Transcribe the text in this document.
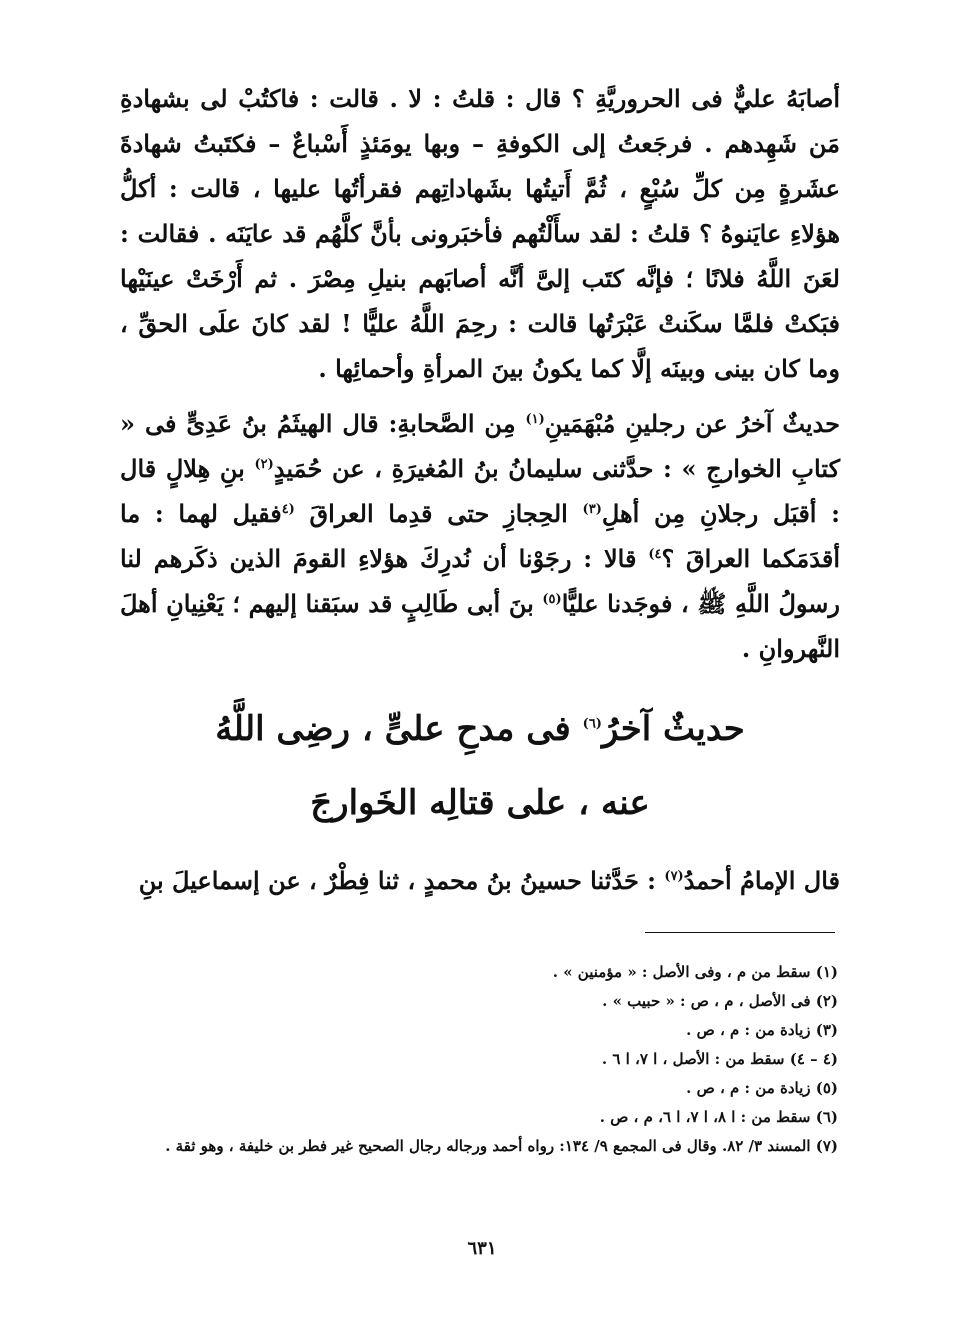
أصابَهُ عليٌّ فى الحروريَّةِ ؟ قال : قلتُ : لا . قالت : فاكتُبْ لى بشهادةِ مَن شَهِدهم . فرجَعتُ إلى الكوفةِ – وبها يومَئذٍ أَسْباعٌ – فكتَبتُ شهادةَ عشَرةٍ مِن كلِّ سُبْعٍ ، ثُمَّ أَتيتُها بشَهاداتِهم فقرأتُها عليها ، قالت : أكلُّ هؤلاءِ عايَنوهُ ؟ قلتُ : لقد سأَلْتُهم فأخبَرونى بأنَّ كلَّهُم قد عايَنَه . فقالت : لعَنَ اللَّهُ فلانًا ؛ فإنَّه كتَب إلىَّ أنَّه أصابَهم بنيلِ مِصْرَ . ثم أَرْخَتْ عينَيْها فبَكتْ فلمَّا سكَنتْ عَبْرَتُها قالت : رحِمَ اللَّهُ عليًّا ! لقد كانَ علَى الحقِّ ، وما كان بينى وبينَه إلَّا كما يكونُ بينَ المرأةِ وأحمائِها .

حديثٌ آخرُ عن رجلينِ مُبْهَمَينِ$^{(١)}$ مِن الصَّحابةِ: قال الهيثَمُ بنُ عَدِىٍّ فى « كتابِ الخوارجِ » : حدَّثنى سليمانُ بنُ المُغيرَةِ ، عن حُمَيدٍ$^{(٢)}$ بنِ هِلالٍ قال : أقبَل رجلانِ مِن أهلِ$^{(٣)}$ الحِجازِ حتى قدِما العراقَ $^{(٤}$فقيل لهما : ما أقدَمَكما العراقَ ؟$^{٤)}$ قالا : رجَوْنا أن نُدرِكَ هؤلاءِ القومَ الذين ذكَرهم لنا رسولُ اللَّهِ ﷺ ، فوجَدنا عليًّا$^{(٥)}$ بنَ أبى طَالِبٍ قد سبَقنا إليهم ؛ يَعْنِيانِ أهلَ النَّهروانِ .

حديثٌ آخرُ$^{(٦)}$ فى مدحِ علىٍّ ، رضِى اللَّهُ
عنه ، على قتالِه الخَوارجَ
قال الإمامُ أحمدُ$^{(٧)}$ : حَدَّثنا حسينُ بنُ محمدٍ ، ثنا فِطْرٌ ، عن إسماعيلَ بنِ
(١) سقط من م ، وفى الأصل : « مؤمنين » .
(٢) فى الأصل ، م ، ص : « حبيب » .
(٣) زيادة من : م ، ص .
(٤ – ٤) سقط من : الأصل ، ا ٧، ا ٦ .
(٥) زيادة من : م ، ص .
(٦) سقط من : ا ٨، ا ٧، ا ٦، م ، ص .
(٧) المسند ٣/ ٨٢. وقال فى المجمع ٩/ ١٣٤: رواه أحمد ورجاله رجال الصحيح غير فطر بن خليفة ، وهو ثقة .
٦٣١
